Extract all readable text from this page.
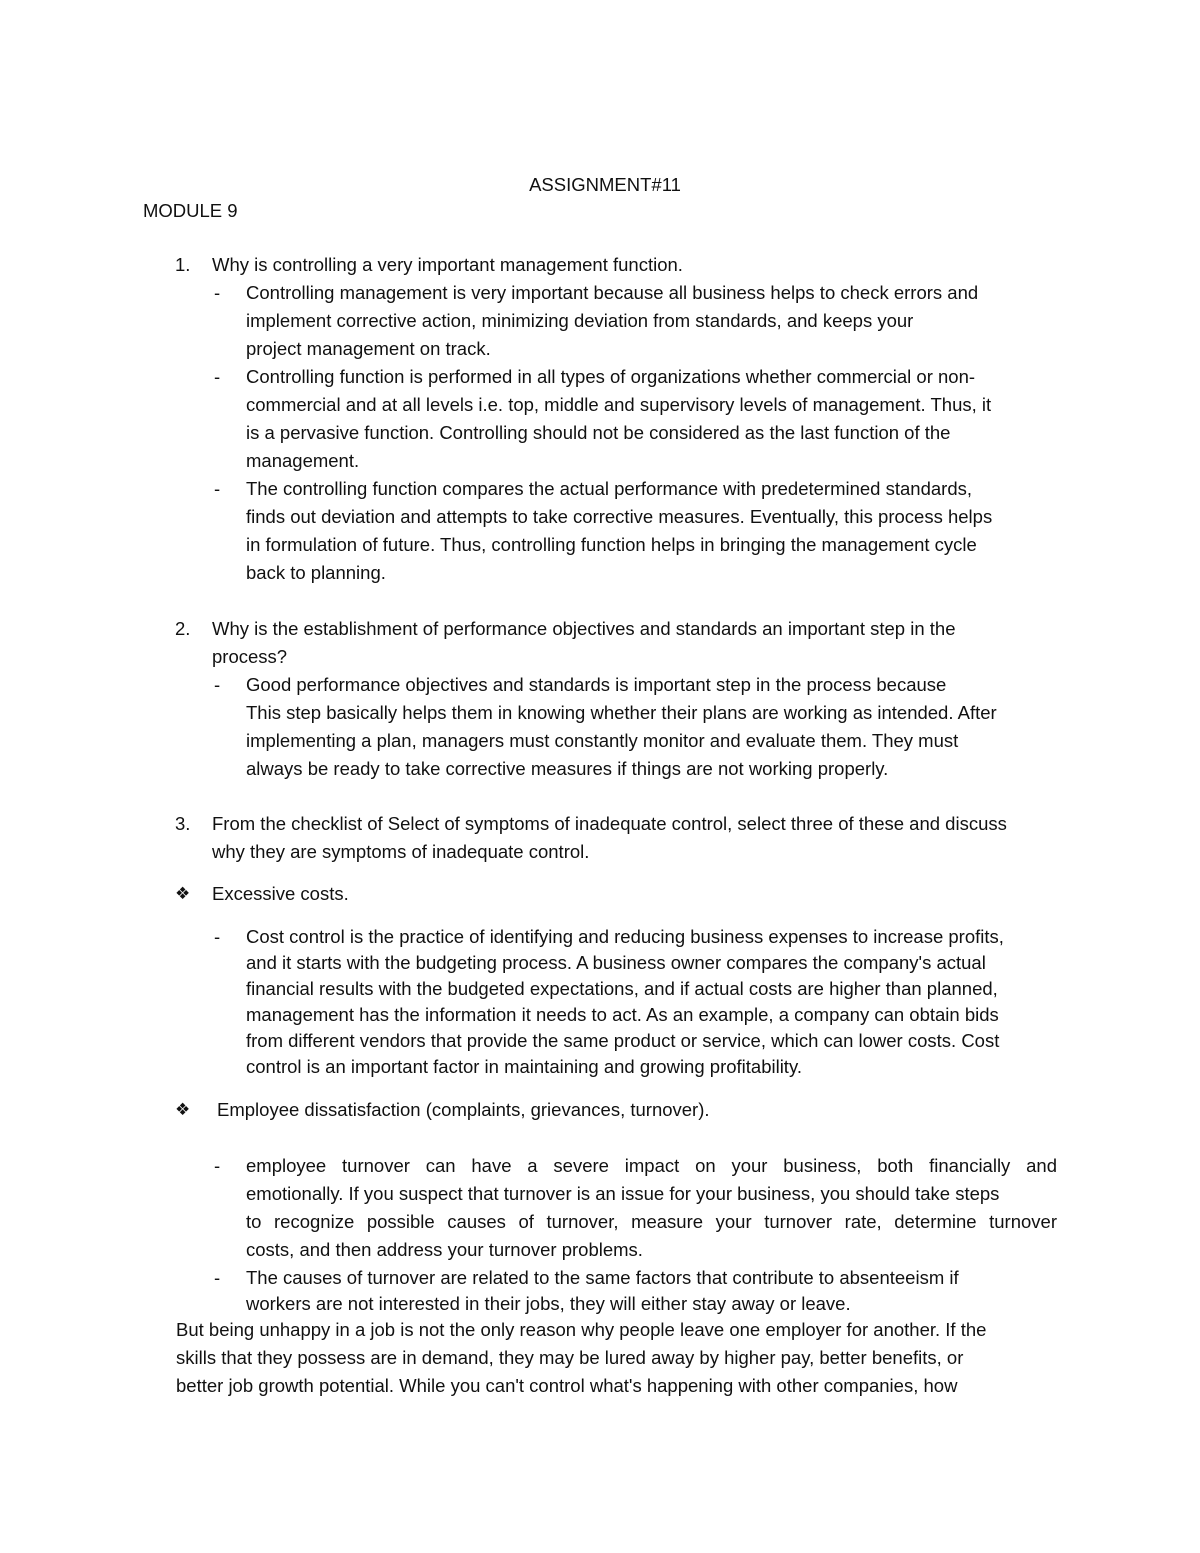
ASSIGNMENT#11
MODULE 9
1. Why is controlling a very important management function.
- Controlling management is very important because all business helps to check errors and
implement corrective action, minimizing deviation from standards, and keeps your
project management on track.
- Controlling function is performed in all types of organizations whether commercial or non-
commercial and at all levels i.e. top, middle and supervisory levels of management. Thus, it
is a pervasive function. Controlling should not be considered as the last function of the
management.
- The controlling function compares the actual performance with predetermined standards,
finds out deviation and attempts to take corrective measures. Eventually, this process helps
in formulation of future. Thus, controlling function helps in bringing the management cycle
back to planning.
2. Why is the establishment of performance objectives and standards an important step in the
process?
- Good performance objectives and standards is important step in the process because
This step basically helps them in knowing whether their plans are working as intended. After
implementing a plan, managers must constantly monitor and evaluate them. They must
always be ready to take corrective measures if things are not working properly.
3. From the checklist of Select of symptoms of inadequate control, select three of these and discuss
why they are symptoms of inadequate control.
❖ Excessive costs.
- Cost control is the practice of identifying and reducing business expenses to increase profits,
and it starts with the budgeting process. A business owner compares the company's actual
financial results with the budgeted expectations, and if actual costs are higher than planned,
management has the information it needs to act. As an example, a company can obtain bids
from different vendors that provide the same product or service, which can lower costs. Cost
control is an important factor in maintaining and growing profitability.
❖ Employee dissatisfaction (complaints, grievances, turnover).
- employee turnover can have a severe impact on your business, both financially and
emotionally. If you suspect that turnover is an issue for your business, you should take steps
to recognize possible causes of turnover, measure your turnover rate, determine turnover
costs, and then address your turnover problems.
- The causes of turnover are related to the same factors that contribute to absenteeism if
workers are not interested in their jobs, they will either stay away or leave.
But being unhappy in a job is not the only reason why people leave one employer for another. If the
skills that they possess are in demand, they may be lured away by higher pay, better benefits, or
better job growth potential. While you can't control what's happening with other companies, how
